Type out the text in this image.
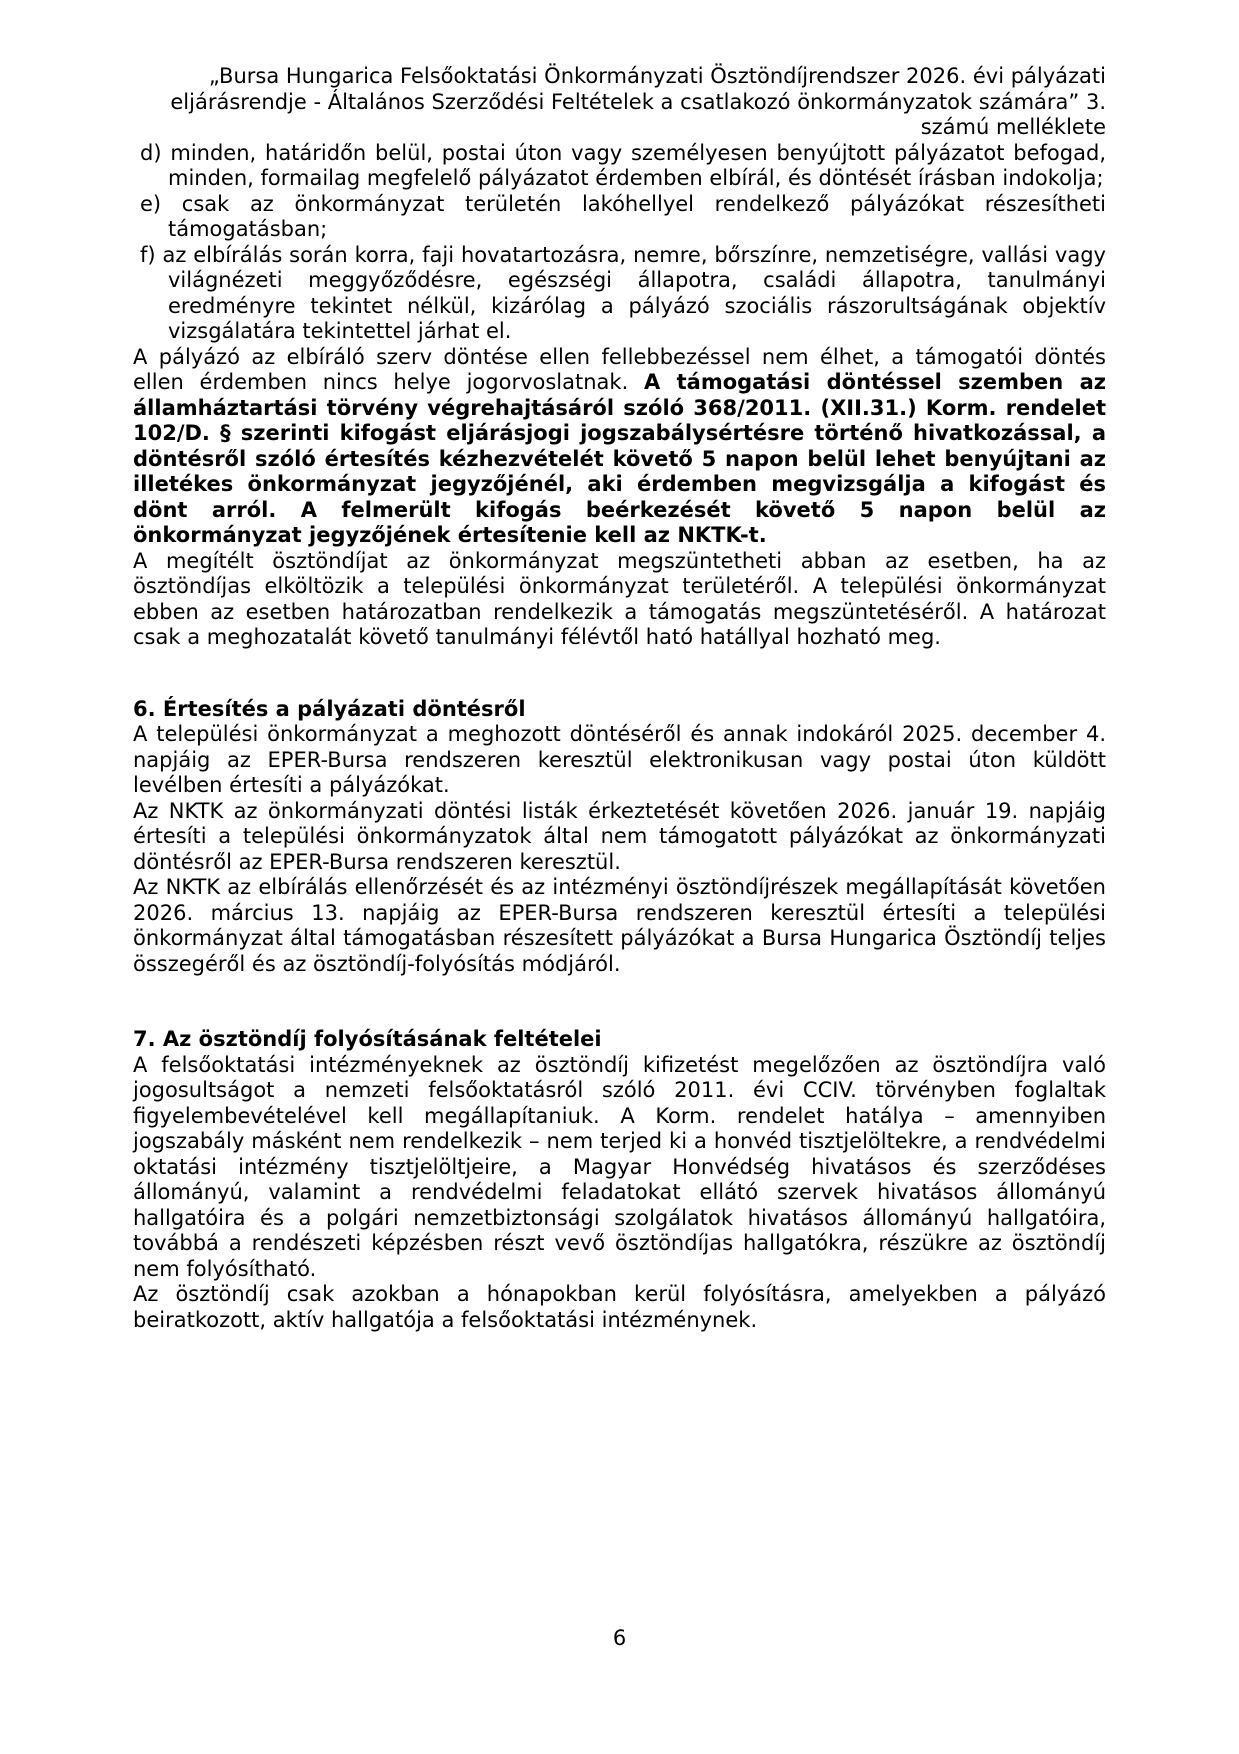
„Bursa Hungarica Felsőoktatási Önkormányzati Ösztöndíjrendszer 2026. évi pályázati eljárásrendje - Általános Szerződési Feltételek a csatlakozó önkormányzatok számára” 3. számú melléklete
d) minden, határidőn belül, postai úton vagy személyesen benyújtott pályázatot befogad, minden, formailag megfelelő pályázatot érdemben elbírál, és döntését írásban indokolja;
e) csak az önkormányzat területén lakóhellyel rendelkező pályázókat részesítheti támogatásban;
f) az elbírálás során korra, faji hovatartozásra, nemre, bőrszínre, nemzetiségre, vallási vagy világnézeti meggyőződésre, egészségi állapotra, családi állapotra, tanulmányi eredményre tekintet nélkül, kizárólag a pályázó szociális rászorultságának objektív vizsgálatára tekintettel járhat el.

A pályázó az elbíráló szerv döntése ellen fellebbezéssel nem élhet, a támogatói döntés ellen érdemben nincs helye jogorvoslatnak. A támogatási döntéssel szemben az államháztartási törvény végrehajtásáról szóló 368/2011. (XII.31.) Korm. rendelet 102/D. § szerinti kifogást eljárásjogi jogszabálysértésre történő hivatkozással, a döntésről szóló értesítés kézhezvételét követő 5 napon belül lehet benyújtani az illetékes önkormányzat jegyzőjénél, aki érdemben megvizsgálja a kifogást és dönt arról. A felmerült kifogás beérkezését követő 5 napon belül az önkormányzat jegyzőjének értesítenie kell az NKTK-t.

A megítélt ösztöndíjat az önkormányzat megszüntetheti abban az esetben, ha az ösztöndíjas elköltözik a települési önkormányzat területéről. A települési önkormányzat ebben az esetben határozatban rendelkezik a támogatás megszüntetéséről. A határozat csak a meghozatalát követő tanulmányi félévtől ható hatállyal hozható meg.

6. Értesítés a pályázati döntésről

A települési önkormányzat a meghozott döntéséről és annak indokáról 2025. december 4. napjáig az EPER-Bursa rendszeren keresztül elektronikusan vagy postai úton küldött levélben értesíti a pályázókat.

Az NKTK az önkormányzati döntési listák érkeztetését követően 2026. január 19. napjáig értesíti a települési önkormányzatok által nem támogatott pályázókat az önkormányzati döntésről az EPER-Bursa rendszeren keresztül.

Az NKTK az elbírálás ellenőrzését és az intézményi ösztöndíjrészek megállapítását követően 2026. március 13. napjáig az EPER-Bursa rendszeren keresztül értesíti a települési önkormányzat által támogatásban részesített pályázókat a Bursa Hungarica Ösztöndíj teljes összegéről és az ösztöndíj-folyósítás módjáról.

7. Az ösztöndíj folyósításának feltételei

A felsőoktatási intézményeknek az ösztöndíj kifizetést megelőzően az ösztöndíjra való jogosultságot a nemzeti felsőoktatásról szóló 2011. évi CCIV. törvényben foglaltak figyelembevételével kell megállapítaniuk. A Korm. rendelet hatálya – amennyiben jogszabály másként nem rendelkezik – nem terjed ki a honvéd tisztjelöltekre, a rendvédelmi oktatási intézmény tisztjelöltjeire, a Magyar Honvédség hivatásos és szerződéses állományú, valamint a rendvédelmi feladatokat ellátó szervek hivatásos állományú hallgatóira és a polgári nemzetbiztonsági szolgálatok hivatásos állományú hallgatóira, továbbá a rendészeti képzésben részt vevő ösztöndíjas hallgatókra, részükre az ösztöndíj nem folyósítható.

Az ösztöndíj csak azokban a hónapokban kerül folyósításra, amelyekben a pályázó beiratkozott, aktív hallgatója a felsőoktatási intézménynek.

6
